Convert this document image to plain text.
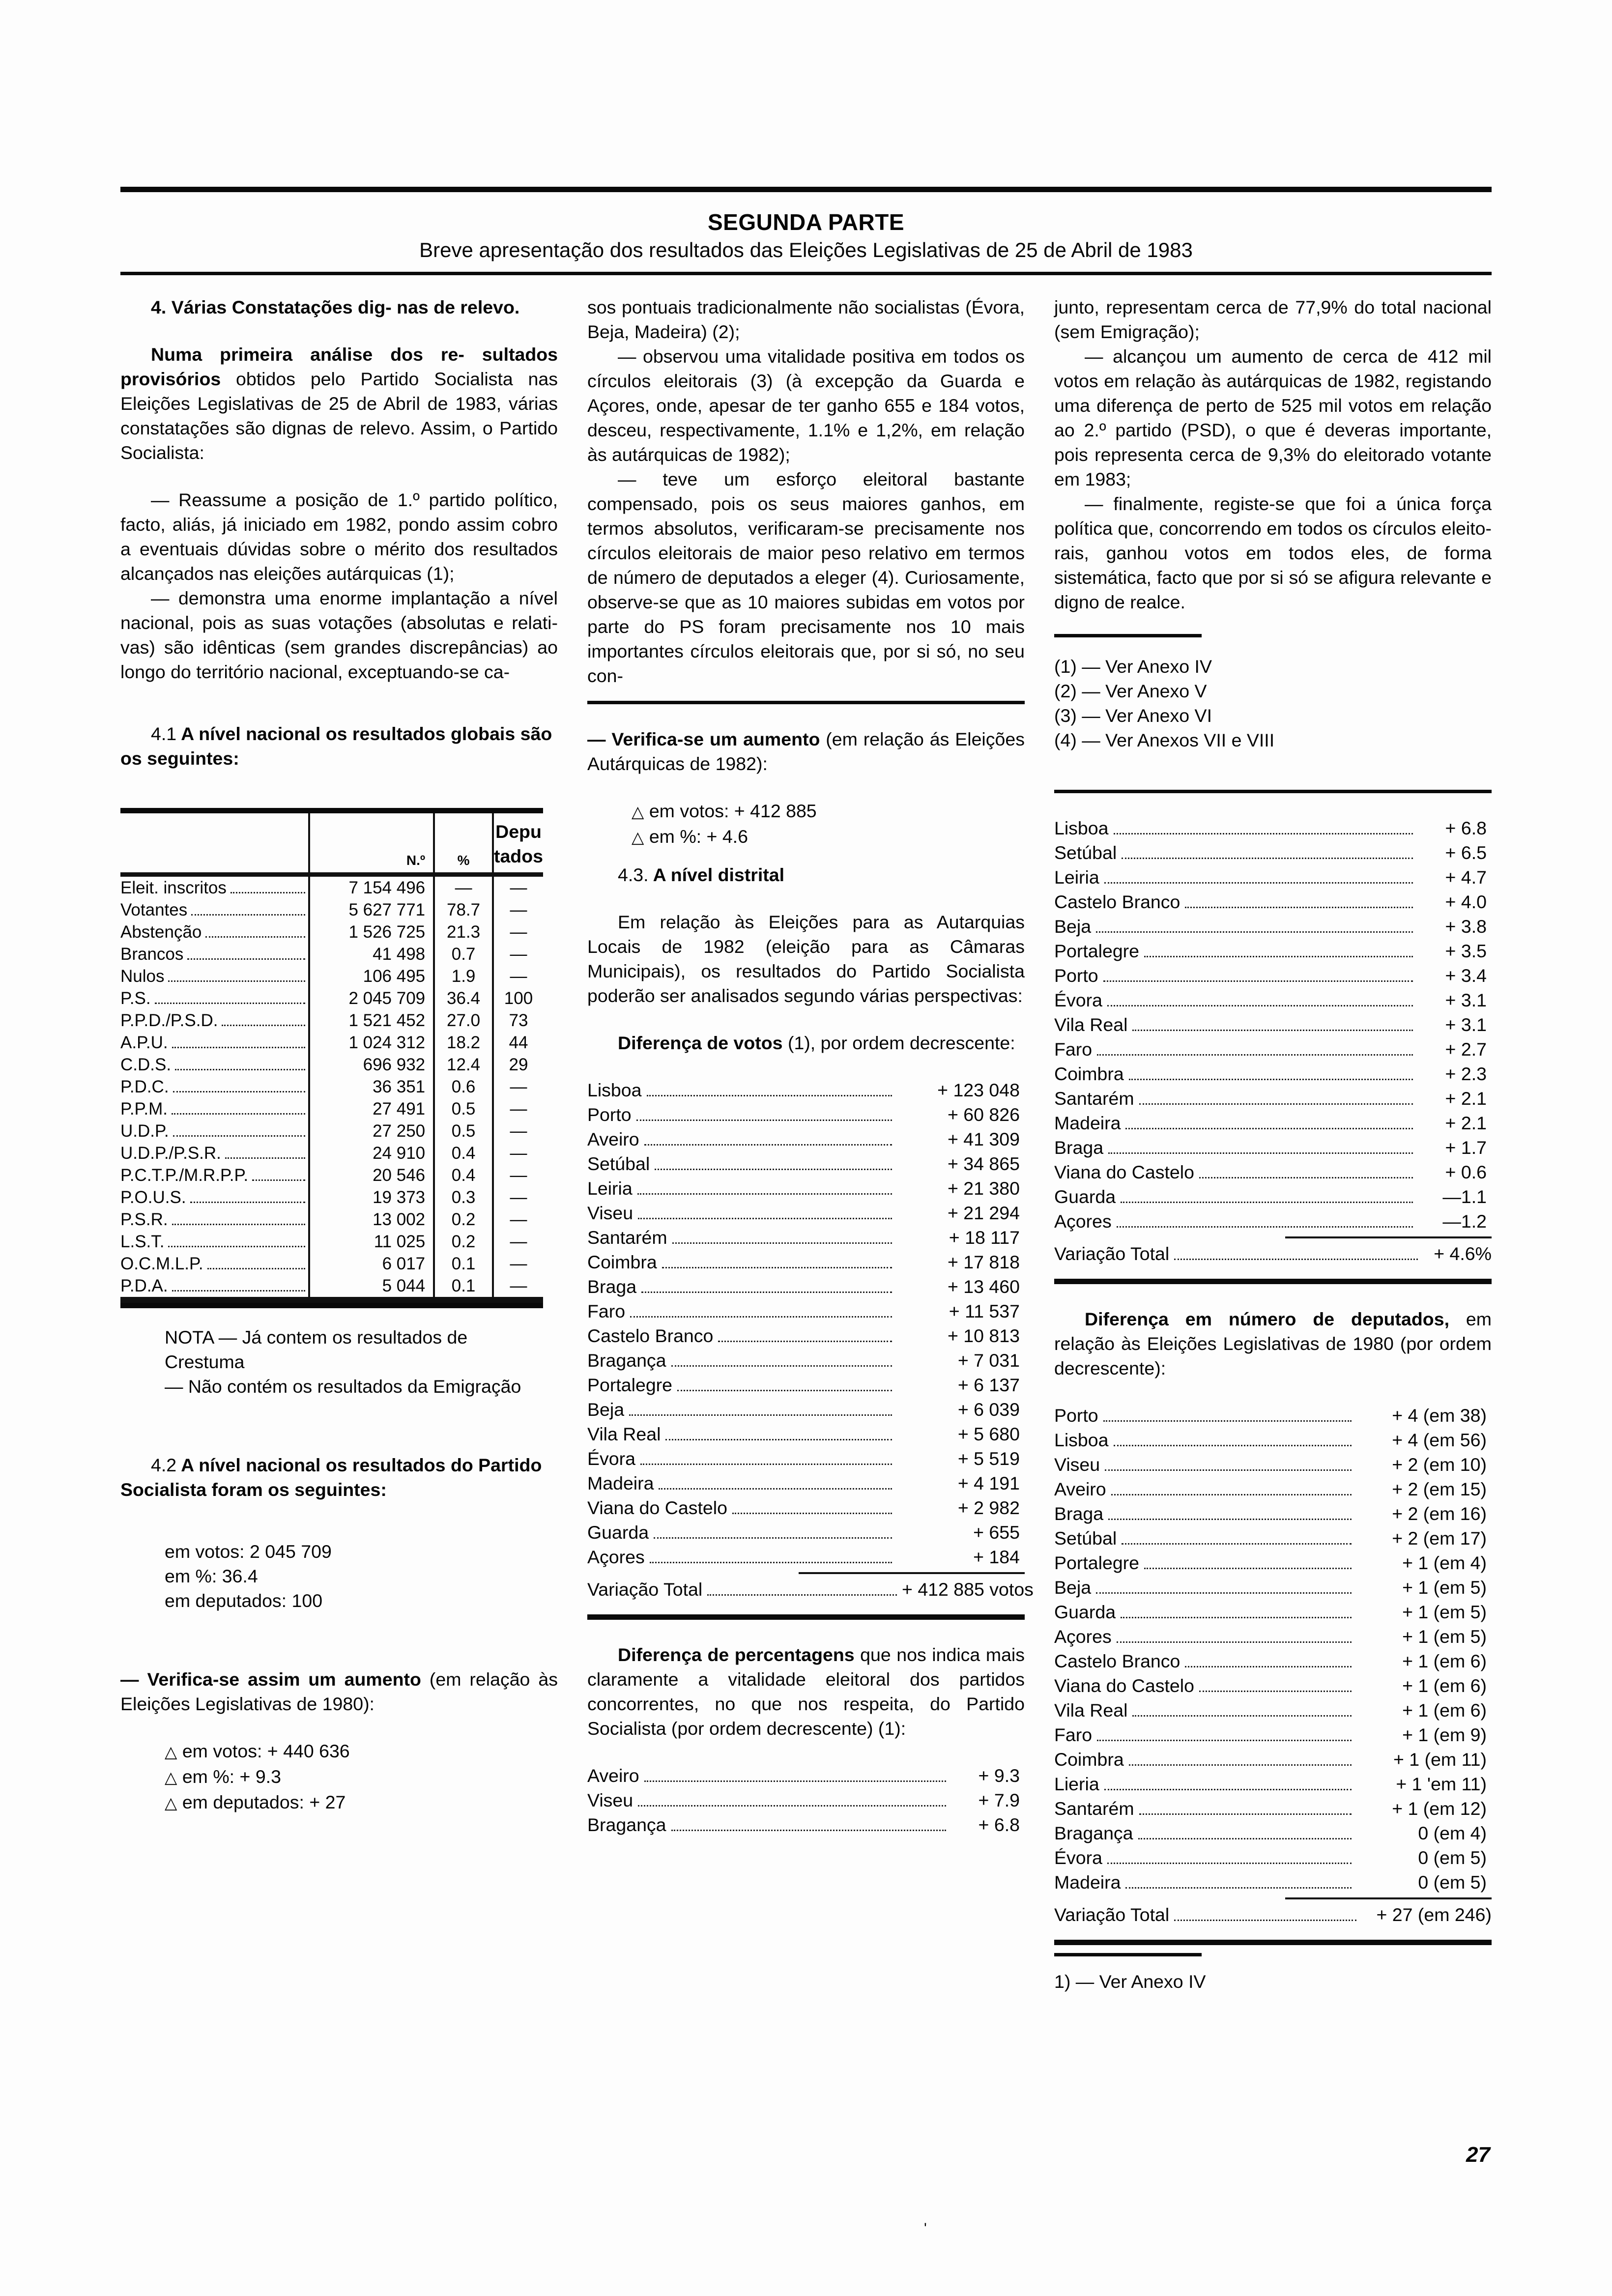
SEGUNDA PARTE
Breve apresentação dos resultados das Eleições Legislativas de 25 de Abril de 1983

4. Várias Constatações dig- nas de relevo.

Numa primeira análise dos re- sultados provisórios obtidos pelo Partido Socialista nas Eleições Legislativas de 25 de Abril de 1983, várias constatações são dignas de relevo. Assim, o Partido Socialista:

— Reassume a posição de 1.º partido político, facto, aliás, já iniciado em 1982, pondo assim cobro a eventuais dúvidas sobre o mérito dos resultados alcançados nas eleições autárquicas (1);

— demonstra uma enorme implantação a nível nacional, pois as suas votações (absolutas e relativas) são idênticas (sem grandes discrepâncias) ao longo do território nacional, exceptuando-se ca-

4.1 A nível nacional os resultados globais são os seguintes:

	N.º	%	Depu
tados

Eleit. inscritos	7 154 496	—	—

Votantes	5 627 771	78.7	—

Abstenção	1 526 725	21.3	—

Brancos	41 498	0.7	—

Nulos	106 495	1.9	—

P.S.	2 045 709	36.4	100

P.P.D./P.S.D.	1 521 452	27.0	73

A.P.U.	1 024 312	18.2	44

C.D.S.	696 932	12.4	29

P.D.C.	36 351	0.6	—

P.P.M.	27 491	0.5	—

U.D.P.	27 250	0.5	—

U.D.P./P.S.R.	24 910	0.4	—

P.C.T.P./M.R.P.P.	20 546	0.4	—

P.O.U.S.	19 373	0.3	—

P.S.R.	13 002	0.2	—

L.S.T.	11 025	0.2	—

O.C.M.L.P.	6 017	0.1	—

P.D.A.	5 044	0.1	—
NOTA — Já contem os resultados de Crestuma
— Não contém os resultados da Emigração

4.2 A nível nacional os resultados do Partido Socialista foram os seguintes:

em votos: 2 045 709
em %: 36.4
em deputados: 100

— Verifica-se assim um aumento (em relação às Eleições Legislativas de 1980):

△ em votos: + 440 636
△ em %: + 9.3
△ em deputados: + 27

sos pontuais tradicionalmente não socialistas (Évora, Beja, Madeira) (2);

— observou uma vitalidade positiva em todos os círculos eleitorais (3) (à excepção da Guarda e Açores, onde, apesar de ter ganho 655 e 184 votos, desceu, respectivamente, 1.1% e 1,2%, em relação às autárquicas de 1982);

— teve um esforço eleitoral bastante compensado, pois os seus maiores ganhos, em termos absolutos, verificaram-se precisamente nos círculos eleitorais de maior peso relativo em termos de número de deputados a eleger (4). Curiosamente, observe-se que as 10 maiores subidas em votos por parte do PS foram precisamente nos 10 mais importantes círculos eleitorais que, por si só, no seu con-

— Verifica-se um aumento (em relação ás Eleições Autárquicas de 1982):

△ em votos: + 412 885
△ em %: + 4.6

4.3. A nível distrital

Em relação às Eleições para as Autarquias Locais de 1982 (eleição para as Câmaras Municipais), os resultados do Partido Socialista poderão ser analisados segundo várias perspectivas:

Diferença de votos (1), por ordem decrescente:

Lisboa	+ 123 048
Porto	+ 60 826
Aveiro	+ 41 309
Setúbal	+ 34 865
Leiria	+ 21 380
Viseu	+ 21 294
Santarém	+ 18 117
Coimbra	+ 17 818
Braga	+ 13 460
Faro	+ 11 537
Castelo Branco	+ 10 813
Bragança	+ 7 031
Portalegre	+ 6 137
Beja	+ 6 039
Vila Real	+ 5 680
Évora	+ 5 519
Madeira	+ 4 191
Viana do Castelo	+ 2 982
Guarda	+ 655
Açores	+ 184
Variação Total	+ 412 885 votos

Diferença de percentagens que nos indica mais claramente a vitalidade eleitoral dos partidos concorrentes, no que nos respeita, do Partido Socialista (por ordem decrescente) (1):

Aveiro	+ 9.3
Viseu	+ 7.9
Bragança	+ 6.8

junto, representam cerca de 77,9% do total nacional (sem Emigração);

— alcançou um aumento de cerca de 412 mil votos em relação às autárquicas de 1982, registando uma diferença de perto de 525 mil votos em relação ao 2.º partido (PSD), o que é deveras importante, pois representa cerca de 9,3% do eleitorado votante em 1983;

— finalmente, registe-se que foi a única força política que, concorrendo em todos os círculos eleitorais, ganhou votos em todos eles, de forma sistemática, facto que por si só se afigura relevante e digno de realce.

(1) — Ver Anexo IV
(2) — Ver Anexo V
(3) — Ver Anexo VI
(4) — Ver Anexos VII e VIII
Lisboa	+ 6.8
Setúbal	+ 6.5
Leiria	+ 4.7
Castelo Branco	+ 4.0
Beja	+ 3.8
Portalegre	+ 3.5
Porto	+ 3.4
Évora	+ 3.1
Vila Real	+ 3.1
Faro	+ 2.7
Coimbra	+ 2.3
Santarém	+ 2.1
Madeira	+ 2.1
Braga	+ 1.7
Viana do Castelo	+ 0.6
Guarda	—1.1
Açores	—1.2
Variação Total	+ 4.6%

Diferença em número de deputados, em relação às Eleições Legislativas de 1980 (por ordem decrescente):

Porto	+ 4 (em 38)
Lisboa	+ 4 (em 56)
Viseu	+ 2 (em 10)
Aveiro	+ 2 (em 15)
Braga	+ 2 (em 16)
Setúbal	+ 2 (em 17)
Portalegre	+ 1 (em 4)
Beja	+ 1 (em 5)
Guarda	+ 1 (em 5)
Açores	+ 1 (em 5)
Castelo Branco	+ 1 (em 6)
Viana do Castelo	+ 1 (em 6)
Vila Real	+ 1 (em 6)
Faro	+ 1 (em 9)
Coimbra	+ 1 (em 11)
Lieria	+ 1 'em 11)
Santarém	+ 1 (em 12)
Bragança	0 (em 4)
Évora	0 (em 5)
Madeira	0 (em 5)
Variação Total	+ 27 (em 246)
1) — Ver Anexo IV
27
'
